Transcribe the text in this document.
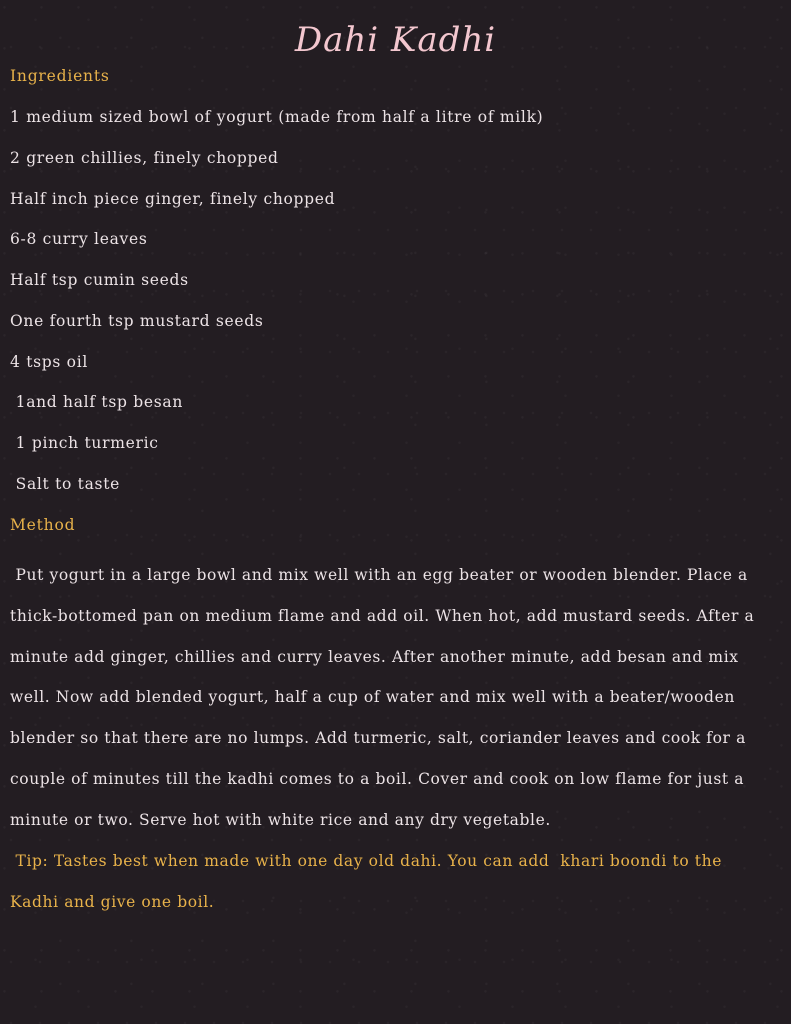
Dahi Kadhi
Ingredients
1 medium sized bowl of yogurt (made from half a litre of milk)
2 green chillies, finely chopped
Half inch piece ginger, finely chopped
6-8 curry leaves
Half tsp cumin seeds
One fourth tsp mustard seeds
4 tsps oil
1and half tsp besan
1 pinch turmeric
Salt to taste
Method
Put yogurt in a large bowl and mix well with an egg beater or wooden blender. Place a thick-bottomed pan on medium flame and add oil. When hot, add mustard seeds. After a minute add ginger, chillies and curry leaves. After another minute, add besan and mix well. Now add blended yogurt, half a cup of water and mix well with a beater/wooden blender so that there are no lumps. Add turmeric, salt, coriander leaves and cook for a couple of minutes till the kadhi comes to a boil. Cover and cook on low flame for just a minute or two. Serve hot with white rice and any dry vegetable.
Tip: Tastes best when made with one day old dahi. You can add  khari boondi to the Kadhi and give one boil.
